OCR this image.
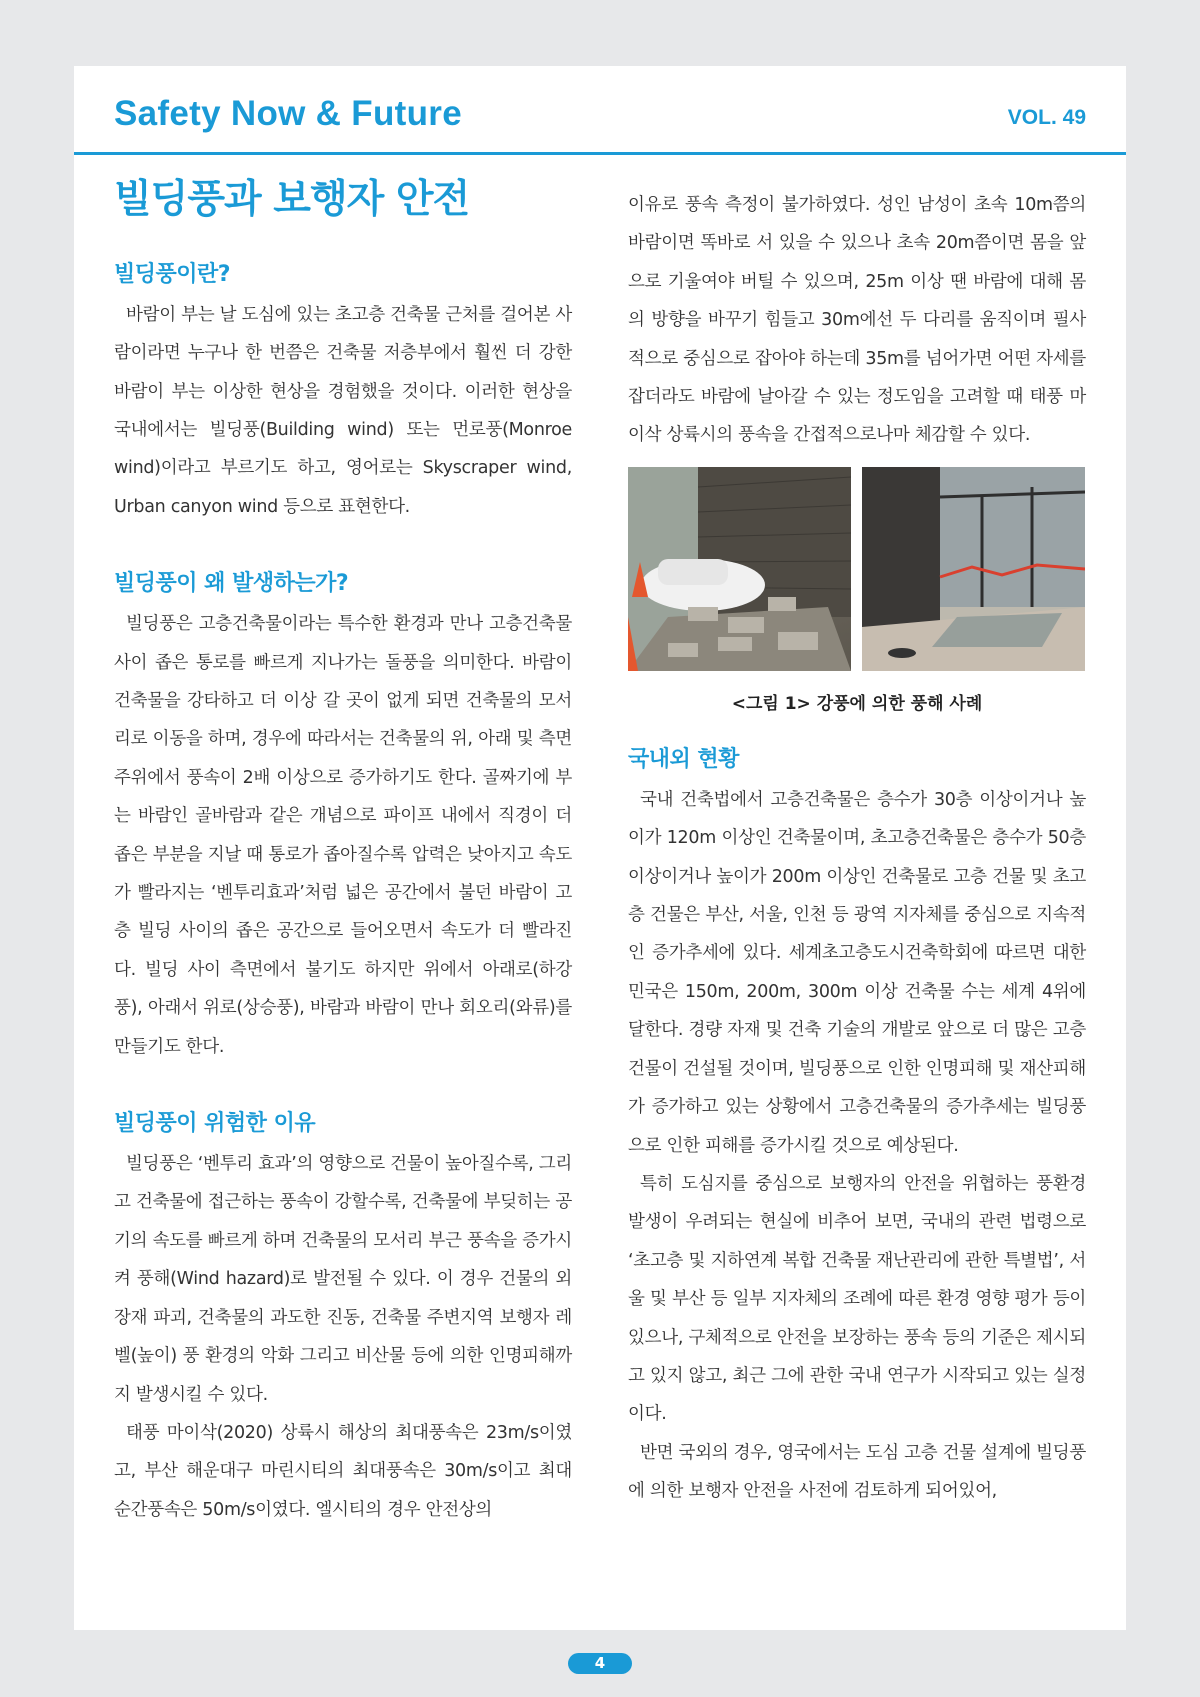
Safety Now & Future	VOL. 49
빌딩풍과 보행자 안전
빌딩풍이란?

바람이 부는 날 도심에 있는 초고층 건축물 근처를 걸어본 사람이라면 누구나 한 번쯤은 건축물 저층부에서 훨씬 더 강한 바람이 부는 이상한 현상을 경험했을 것이다. 이러한 현상을 국내에서는 빌딩풍(Building wind) 또는 먼로풍(Monroe wind)이라고 부르기도 하고, 영어로는 Skyscraper wind, Urban canyon wind 등으로 표현한다.

빌딩풍이 왜 발생하는가?

빌딩풍은 고층건축물이라는 특수한 환경과 만나 고층건축물 사이 좁은 통로를 빠르게 지나가는 돌풍을 의미한다. 바람이 건축물을 강타하고 더 이상 갈 곳이 없게 되면 건축물의 모서리로 이동을 하며, 경우에 따라서는 건축물의 위, 아래 및 측면 주위에서 풍속이 2배 이상으로 증가하기도 한다. 골짜기에 부는 바람인 골바람과 같은 개념으로 파이프 내에서 직경이 더 좁은 부분을 지날 때 통로가 좁아질수록 압력은 낮아지고 속도가 빨라지는 ‘벤투리효과’처럼 넓은 공간에서 불던 바람이 고층 빌딩 사이의 좁은 공간으로 들어오면서 속도가 더 빨라진다. 빌딩 사이 측면에서 불기도 하지만 위에서 아래로(하강풍), 아래서 위로(상승풍), 바람과 바람이 만나 회오리(와류)를 만들기도 한다.

빌딩풍이 위험한 이유

빌딩풍은 ‘벤투리 효과’의 영향으로 건물이 높아질수록, 그리고 건축물에 접근하는 풍속이 강할수록, 건축물에 부딪히는 공기의 속도를 빠르게 하며 건축물의 모서리 부근 풍속을 증가시켜 풍해(Wind hazard)로 발전될 수 있다. 이 경우 건물의 외장재 파괴, 건축물의 과도한 진동, 건축물 주변지역 보행자 레벨(높이) 풍 환경의 악화 그리고 비산물 등에 의한 인명피해까지 발생시킬 수 있다.

태풍 마이삭(2020) 상륙시 해상의 최대풍속은 23m/s이였고, 부산 해운대구 마린시티의 최대풍속은 30m/s이고 최대 순간풍속은 50m/s이였다. 엘시티의 경우 안전상의

이유로 풍속 측정이 불가하였다. 성인 남성이 초속 10m쯤의 바람이면 똑바로 서 있을 수 있으나 초속 20m쯤이면 몸을 앞으로 기울여야 버틸 수 있으며, 25m 이상 땐 바람에 대해 몸의 방향을 바꾸기 힘들고 30m에선 두 다리를 움직이며 필사적으로 중심으로 잡아야 하는데 35m를 넘어가면 어떤 자세를 잡더라도 바람에 날아갈 수 있는 정도임을 고려할 때 태풍 마이삭 상륙시의 풍속을 간접적으로나마 체감할 수 있다.

<그림 1> 강풍에 의한 풍해 사례
국내외 현황

국내 건축법에서 고층건축물은 층수가 30층 이상이거나 높이가 120m 이상인 건축물이며, 초고층건축물은 층수가 50층 이상이거나 높이가 200m 이상인 건축물로 고층 건물 및 초고층 건물은 부산, 서울, 인천 등 광역 지자체를 중심으로 지속적인 증가추세에 있다. 세계초고층도시건축학회에 따르면 대한민국은 150m, 200m, 300m 이상 건축물 수는 세계 4위에 달한다. 경량 자재 및 건축 기술의 개발로 앞으로 더 많은 고층 건물이 건설될 것이며, 빌딩풍으로 인한 인명피해 및 재산피해가 증가하고 있는 상황에서 고층건축물의 증가추세는 빌딩풍으로 인한 피해를 증가시킬 것으로 예상된다.

특히 도심지를 중심으로 보행자의 안전을 위협하는 풍환경 발생이 우려되는 현실에 비추어 보면, 국내의 관련 법령으로 ‘초고층 및 지하연계 복합 건축물 재난관리에 관한 특별법’, 서울 및 부산 등 일부 지자체의 조례에 따른 환경 영향 평가 등이 있으나, 구체적으로 안전을 보장하는 풍속 등의 기준은 제시되고 있지 않고, 최근 그에 관한 국내 연구가 시작되고 있는 실정이다.

반면 국외의 경우, 영국에서는 도심 고층 건물 설계에 빌딩풍에 의한 보행자 안전을 사전에 검토하게 되어있어,

4
